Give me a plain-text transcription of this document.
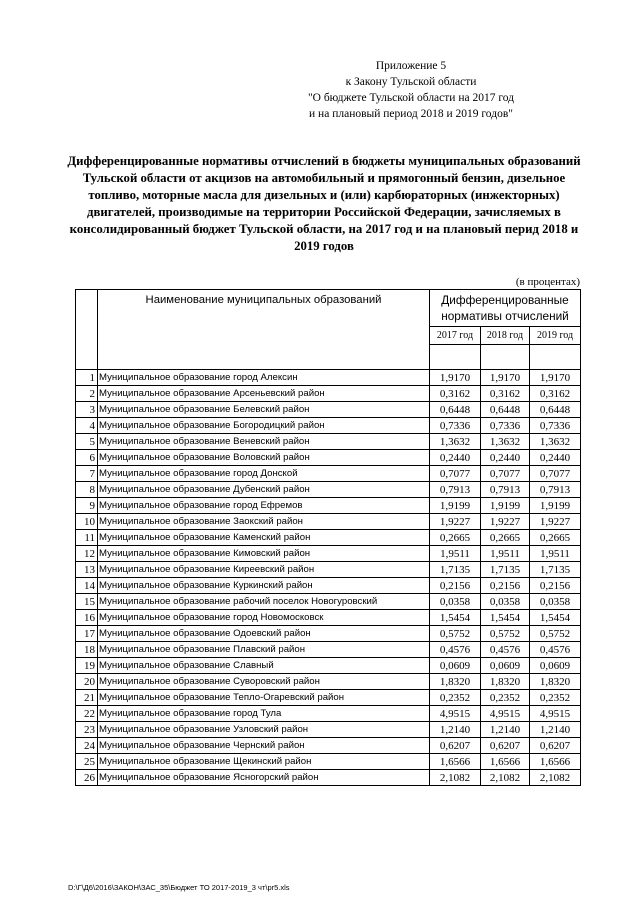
Приложение 5
к Закону Тульской области
"О бюджете Тульской области на 2017 год
и на плановый период 2018 и 2019 годов"
Дифференцированные нормативы отчислений в бюджеты муниципальных образований Тульской области от акцизов на автомобильный и прямогонный бензин, дизельное топливо, моторные масла для дизельных и (или) карбюраторных (инжекторных) двигателей, производимые на территории Российской Федерации, зачисляемых в консолидированный бюджет Тульской области, на 2017 год и на плановый перид 2018 и 2019 годов
(в процентах)
	Наименование муниципальных образований	Дифференцированные нормативы отчислений		
		2017 год	2018 год	2019 год

1	Муниципальное образование город Алексин	1,9170	1,9170	1,9170
2	Муниципальное образование Арсеньевский район	0,3162	0,3162	0,3162
3	Муниципальное образование Белевский район	0,6448	0,6448	0,6448
4	Муниципальное образование Богородицкий район	0,7336	0,7336	0,7336
5	Муниципальное образование Веневский район	1,3632	1,3632	1,3632
6	Муниципальное образование Воловский район	0,2440	0,2440	0,2440
7	Муниципальное образование город Донской	0,7077	0,7077	0,7077
8	Муниципальное образование Дубенский район	0,7913	0,7913	0,7913
9	Муниципальное образование город Ефремов	1,9199	1,9199	1,9199
10	Муниципальное образование Заокский район	1,9227	1,9227	1,9227
11	Муниципальное образование Каменский район	0,2665	0,2665	0,2665
12	Муниципальное образование Кимовский район	1,9511	1,9511	1,9511
13	Муниципальное образование Киреевский район	1,7135	1,7135	1,7135
14	Муниципальное образование Куркинский район	0,2156	0,2156	0,2156
15	Муниципальное образование рабочий поселок Новогуровский	0,0358	0,0358	0,0358
16	Муниципальное образование город Новомосковск	1,5454	1,5454	1,5454
17	Муниципальное образование Одоевский район	0,5752	0,5752	0,5752
18	Муниципальное образование Плавский район	0,4576	0,4576	0,4576
19	Муниципальное образование Славный	0,0609	0,0609	0,0609
20	Муниципальное образование Суворовский район	1,8320	1,8320	1,8320
21	Муниципальное образование Тепло-Огаревский район	0,2352	0,2352	0,2352
22	Муниципальное образование город Тула	4,9515	4,9515	4,9515
23	Муниципальное образование Узловский район	1,2140	1,2140	1,2140
24	Муниципальное образование Чернский район	0,6207	0,6207	0,6207
25	Муниципальное образование Щекинский район	1,6566	1,6566	1,6566
26	Муниципальное образование Ясногорский район	2,1082	2,1082	2,1082
D:\Г\Д6\2016\ЗАКОН\ЗАС_35\Бюджет ТО 2017-2019_3 чт\pr5.xls
